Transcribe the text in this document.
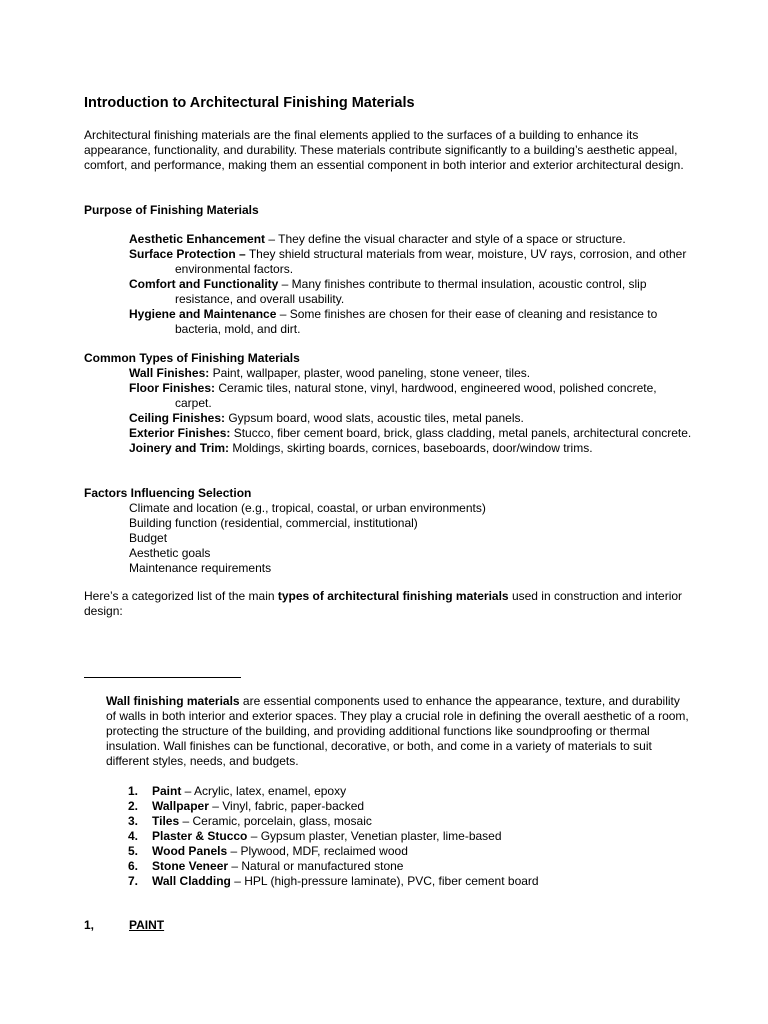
Introduction to Architectural Finishing Materials

Architectural finishing materials are the final elements applied to the surfaces of a building to enhance its appearance, functionality, and durability. These materials contribute significantly to a building’s aesthetic appeal, comfort, and performance, making them an essential component in both interior and exterior architectural design.

Purpose of Finishing Materials

Aesthetic Enhancement – They define the visual character and style of a space or structure.
Surface Protection – They shield structural materials from wear, moisture, UV rays, corrosion, and other environmental factors.
Comfort and Functionality – Many finishes contribute to thermal insulation, acoustic control, slip resistance, and overall usability.
Hygiene and Maintenance – Some finishes are chosen for their ease of cleaning and resistance to bacteria, mold, and dirt.

Common Types of Finishing Materials

Wall Finishes: Paint, wallpaper, plaster, wood paneling, stone veneer, tiles.
Floor Finishes: Ceramic tiles, natural stone, vinyl, hardwood, engineered wood, polished concrete, carpet.
Ceiling Finishes: Gypsum board, wood slats, acoustic tiles, metal panels.
Exterior Finishes: Stucco, fiber cement board, brick, glass cladding, metal panels, architectural concrete.
Joinery and Trim: Moldings, skirting boards, cornices, baseboards, door/window trims.

Factors Influencing Selection

Climate and location (e.g., tropical, coastal, or urban environments)
Building function (residential, commercial, institutional)
Budget
Aesthetic goals
Maintenance requirements

Here’s a categorized list of the main types of architectural finishing materials used in construction and interior design:

Wall finishing materials are essential components used to enhance the appearance, texture, and durability of walls in both interior and exterior spaces. They play a crucial role in defining the overall aesthetic of a room, protecting the structure of the building, and providing additional functions like soundproofing or thermal insulation. Wall finishes can be functional, decorative, or both, and come in a variety of materials to suit different styles, needs, and budgets.

1. Paint – Acrylic, latex, enamel, epoxy
2. Wallpaper – Vinyl, fabric, paper-backed
3. Tiles – Ceramic, porcelain, glass, mosaic
4. Plaster & Stucco – Gypsum plaster, Venetian plaster, lime-based
5. Wood Panels – Plywood, MDF, reclaimed wood
6. Stone Veneer – Natural or manufactured stone
7. Wall Cladding – HPL (high-pressure laminate), PVC, fiber cement board
1,	PAINT
